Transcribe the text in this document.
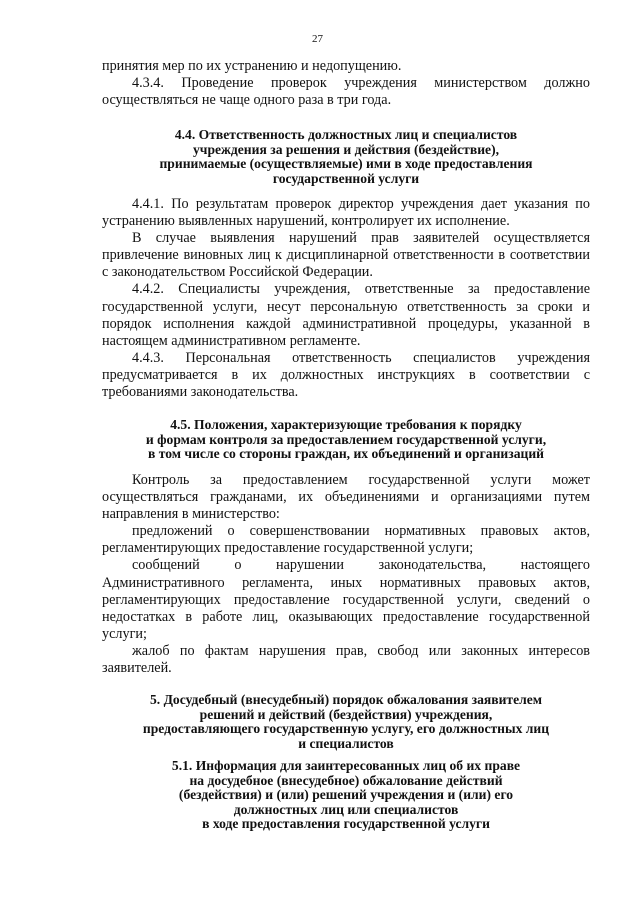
27

принятия мер по их устранению и недопущению.

4.3.4. Проведение проверок учреждения министерством должно осуществляться не чаще одного раза в три года.

4.4. Ответственность должностных лиц и специалистов

учреждения за решения и действия (бездействие),

принимаемые (осуществляемые) ими в ходе предоставления

государственной услуги

4.4.1. По результатам проверок директор учреждения дает указания по устранению выявленных нарушений, контролирует их исполнение.

В случае выявления нарушений прав заявителей осуществляется привлечение виновных лиц к дисциплинарной ответственности в соответствии с законодательством Российской Федерации.

4.4.2. Специалисты учреждения, ответственные за предоставление государственной услуги, несут персональную ответственность за сроки и порядок исполнения каждой административной процедуры, указанной в настоящем административном регламенте.

4.4.3. Персональная ответственность специалистов учреждения предусматривается в их должностных инструкциях в соответствии с требованиями законодательства.

4.5. Положения, характеризующие требования к порядку

и формам контроля за предоставлением государственной услуги,

в том числе со стороны граждан, их объединений и организаций

Контроль за предоставлением государственной услуги может осуществляться гражданами, их объединениями и организациями путем направления в министерство:

предложений о совершенствовании нормативных правовых актов, регламентирующих предоставление государственной услуги;

сообщений о нарушении законодательства, настоящего Административного регламента, иных нормативных правовых актов, регламентирующих предоставление государственной услуги, сведений о недостатках в работе лиц, оказывающих предоставление государственной услуги;

жалоб по фактам нарушения прав, свобод или законных интересов заявителей.

5. Досудебный (внесудебный) порядок обжалования заявителем

решений и действий (бездействия) учреждения,

предоставляющего государственную услугу, его должностных лиц

и специалистов

5.1. Информация для заинтересованных лиц об их праве

на досудебное (внесудебное) обжалование действий

(бездействия) и (или) решений учреждения и (или) его

должностных лиц или специалистов

в ходе предоставления государственной услуги
